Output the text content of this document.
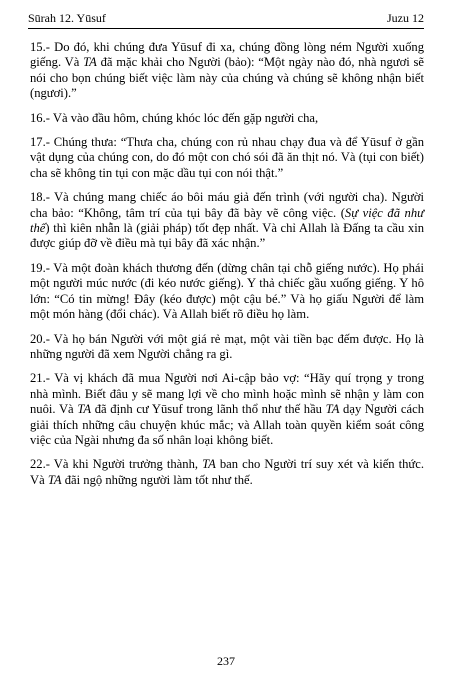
Sūrah 12. Yūsuf	Juzu 12

15.- Do đó, khi chúng đưa Yūsuf đi xa, chúng đồng lòng ném Người xuống giếng. Và TA đã mặc khải cho Người (bảo): “Một ngày nào đó, nhà ngươi sẽ nói cho bọn chúng biết việc làm này của chúng và chúng sẽ không nhận biết (ngươi).”

16.- Và vào đầu hôm, chúng khóc lóc đến gặp người cha,

17.- Chúng thưa: “Thưa cha, chúng con rủ nhau chạy đua và để Yūsuf ở gần vật dụng của chúng con, do đó một con chó sói đã ăn thịt nó. Và (tụi con biết) cha sẽ không tin tụi con mặc dầu tụi con nói thật.”

18.- Và chúng mang chiếc áo bôi máu giả đến trình (với người cha). Người cha bảo: “Không, tâm trí của tụi bây đã bày vẽ công việc. (Sự việc đã như thế) thì kiên nhẫn là (giải pháp) tốt đẹp nhất. Và chỉ Allah là Đấng ta cầu xin được giúp đỡ về điều mà tụi bây đã xác nhận.”

19.- Và một đoàn khách thương đến (dừng chân tại chỗ giếng nước). Họ phái một người múc nước (đi kéo nước giếng). Y thả chiếc gầu xuống giếng. Y hô lớn: “Có tin mừng! Đây (kéo được) một cậu bé.” Và họ giấu Người để làm một món hàng (đổi chác). Và Allah biết rõ điều họ làm.

20.- Và họ bán Người với một giá rẻ mạt, một vài tiền bạc đếm được. Họ là những người đã xem Người chẳng ra gì.

21.- Và vị khách đã mua Người nơi Ai-cập bảo vợ: “Hãy quí trọng y trong nhà mình. Biết đâu y sẽ mang lợi về cho mình hoặc mình sẽ nhận y làm con nuôi. Và TA đã định cư Yūsuf trong lãnh thổ như thế hầu TA dạy Người cách giải thích những câu chuyện khúc mắc; và Allah toàn quyền kiểm soát công việc của Ngài nhưng đa số nhân loại không biết.

22.- Và khi Người trưởng thành, TA ban cho Người trí suy xét và kiến thức. Và TA đãi ngộ những người làm tốt như thế.

237
